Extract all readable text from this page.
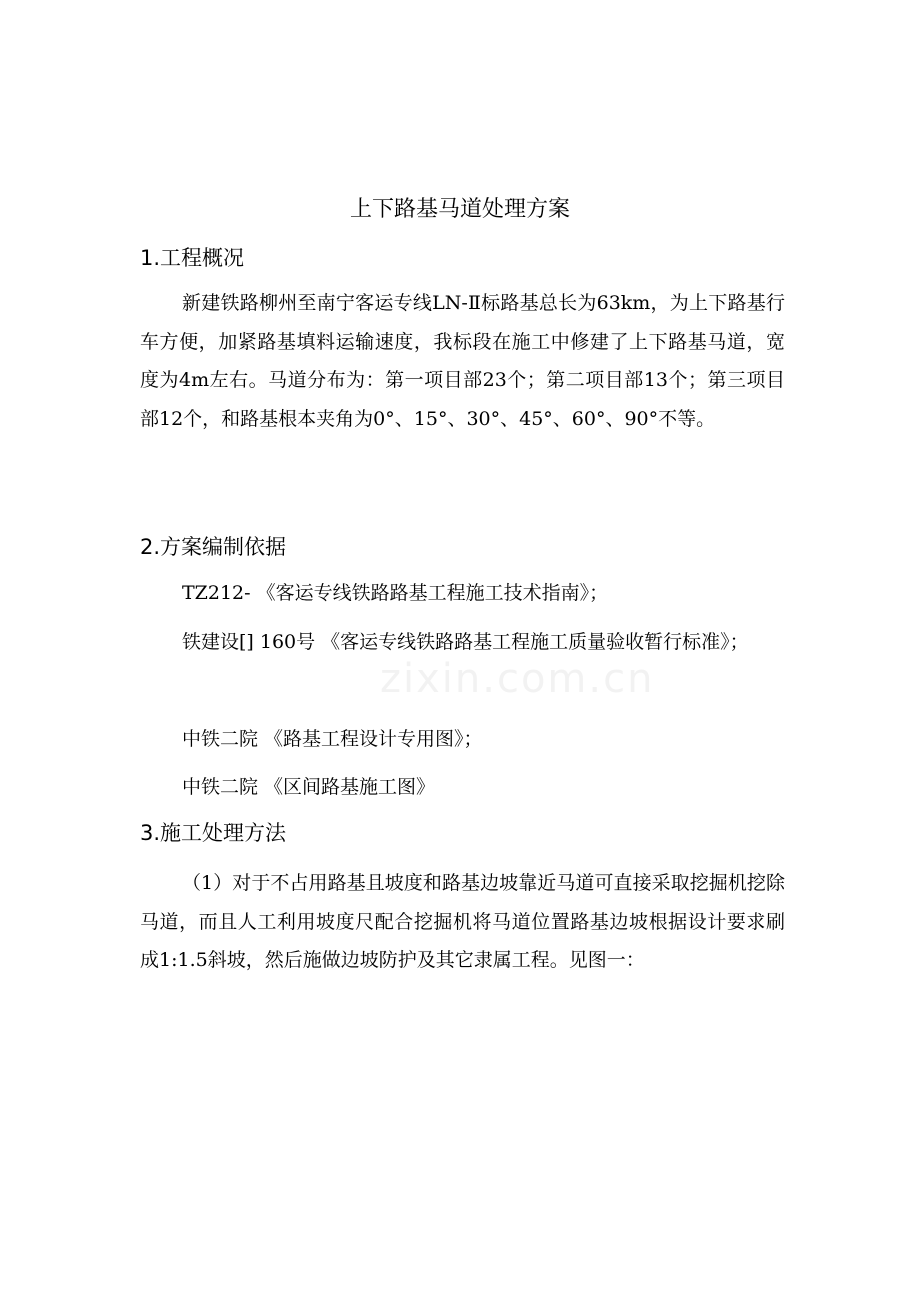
上下路基马道处理方案
1.工程概况

新建铁路柳州至南宁客运专线LN-Ⅱ标路基总长为63km，为上下路基行车方便，加紧路基填料运输速度，我标段在施工中修建了上下路基马道，宽度为4m左右。马道分布为：第一项目部23个；第二项目部13个；第三项目部12个，和路基根本夹角为0°、15°、30°、45°、60°、90°不等。

2.方案编制依据

TZ212- 《客运专线铁路路基工程施工技术指南》；

铁建设[] 160号 《客运专线铁路路基工程施工质量验收暂行标准》；

中铁二院 《路基工程设计专用图》；

中铁二院 《区间路基施工图》

3.施工处理方法

（1）对于不占用路基且坡度和路基边坡靠近马道可直接采取挖掘机挖除马道，而且人工利用坡度尺配合挖掘机将马道位置路基边坡根据设计要求刷成1:1.5斜坡，然后施做边坡防护及其它隶属工程。见图一：

zixin.com.cn
